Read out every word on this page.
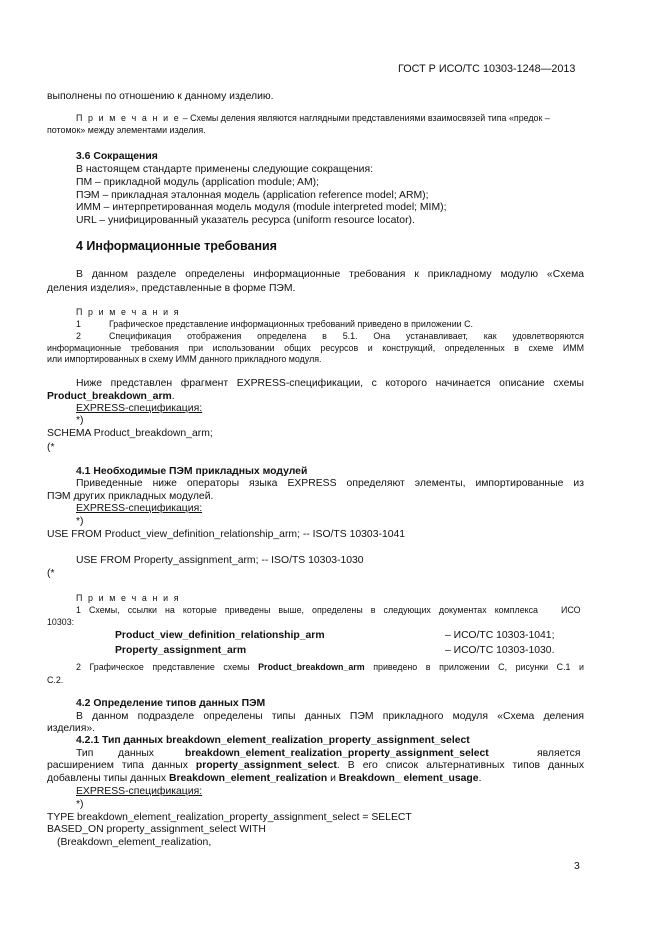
ГОСТ Р ИСО/ТС 10303-1248—2013
выполнены по отношению к данному изделию.
П р и м е ч а н и е – Схемы деления являются наглядными представлениями взаимосвязей типа «предок –
потомок» между элементами изделия.
3.6 Сокращения
В настоящем стандарте применены следующие сокращения:
ПМ – прикладной модуль (application module; AM);
ПЭМ – прикладная эталонная модель (application reference model; ARM);
ИММ – интерпретированная модель модуля (module interpreted model; MIM);
URL – унифицированный указатель ресурса (uniform resource locator).
4 Информационные требования
В данном разделе определены информационные требования к прикладному модулю «Схема
деления изделия», представленные в форме ПЭМ.
П р и м е ч а н и я
1	Графическое представление информационных требований приведено в приложении С.
2	Спецификация отображения определена в 5.1. Она устанавливает, как удовлетворяются
информационные требования при использовании общих ресурсов и конструкций, определенных в схеме ИММ
или импортированных в схему ИММ данного прикладного модуля.
Ниже представлен фрагмент EXPRESS-спецификации, с которого начинается описание схемы
Product_breakdown_arm.
EXPRESS-спецификация:
*)
SCHEMA Product_breakdown_arm;
(*
4.1 Необходимые ПЭМ прикладных модулей
Приведенные ниже операторы языка EXPRESS определяют элементы, импортированные из
ПЭМ других прикладных модулей.
EXPRESS-спецификация:
*)
USE FROM Product_view_definition_relationship_arm; -- ISO/TS 10303-1041
USE FROM Property_assignment_arm; -- ISO/TS 10303-1030
(*
П р и м е ч а н и я
1 Схемы, ссылки на которые приведены выше, определены в следующих документах комплекса	ИСО
10303:
Product_view_definition_relationship_arm	– ИСО/ТС 10303-1041;
Property_assignment_arm	– ИСО/ТС 10303-1030.
2 Графическое представление схемы Product_breakdown_arm приведено в приложении С, рисунки С.1 и
С.2.
4.2 Определение типов данных ПЭМ
В данном подразделе определены типы данных ПЭМ прикладного модуля «Схема деления
изделия».
4.2.1 Тип данных breakdown_element_realization_property_assignment_select
Тип данных	breakdown_element_realization_property_assignment_select	является
расширением типа данных property_assignment_select. В его список альтернативных типов данных
добавлены типы данных Breakdown_element_realization и Breakdown_ element_usage.
EXPRESS-спецификация:
*)
TYPE breakdown_element_realization_property_assignment_select = SELECT
BASED_ON property_assignment_select WITH
(Breakdown_element_realization,
3
